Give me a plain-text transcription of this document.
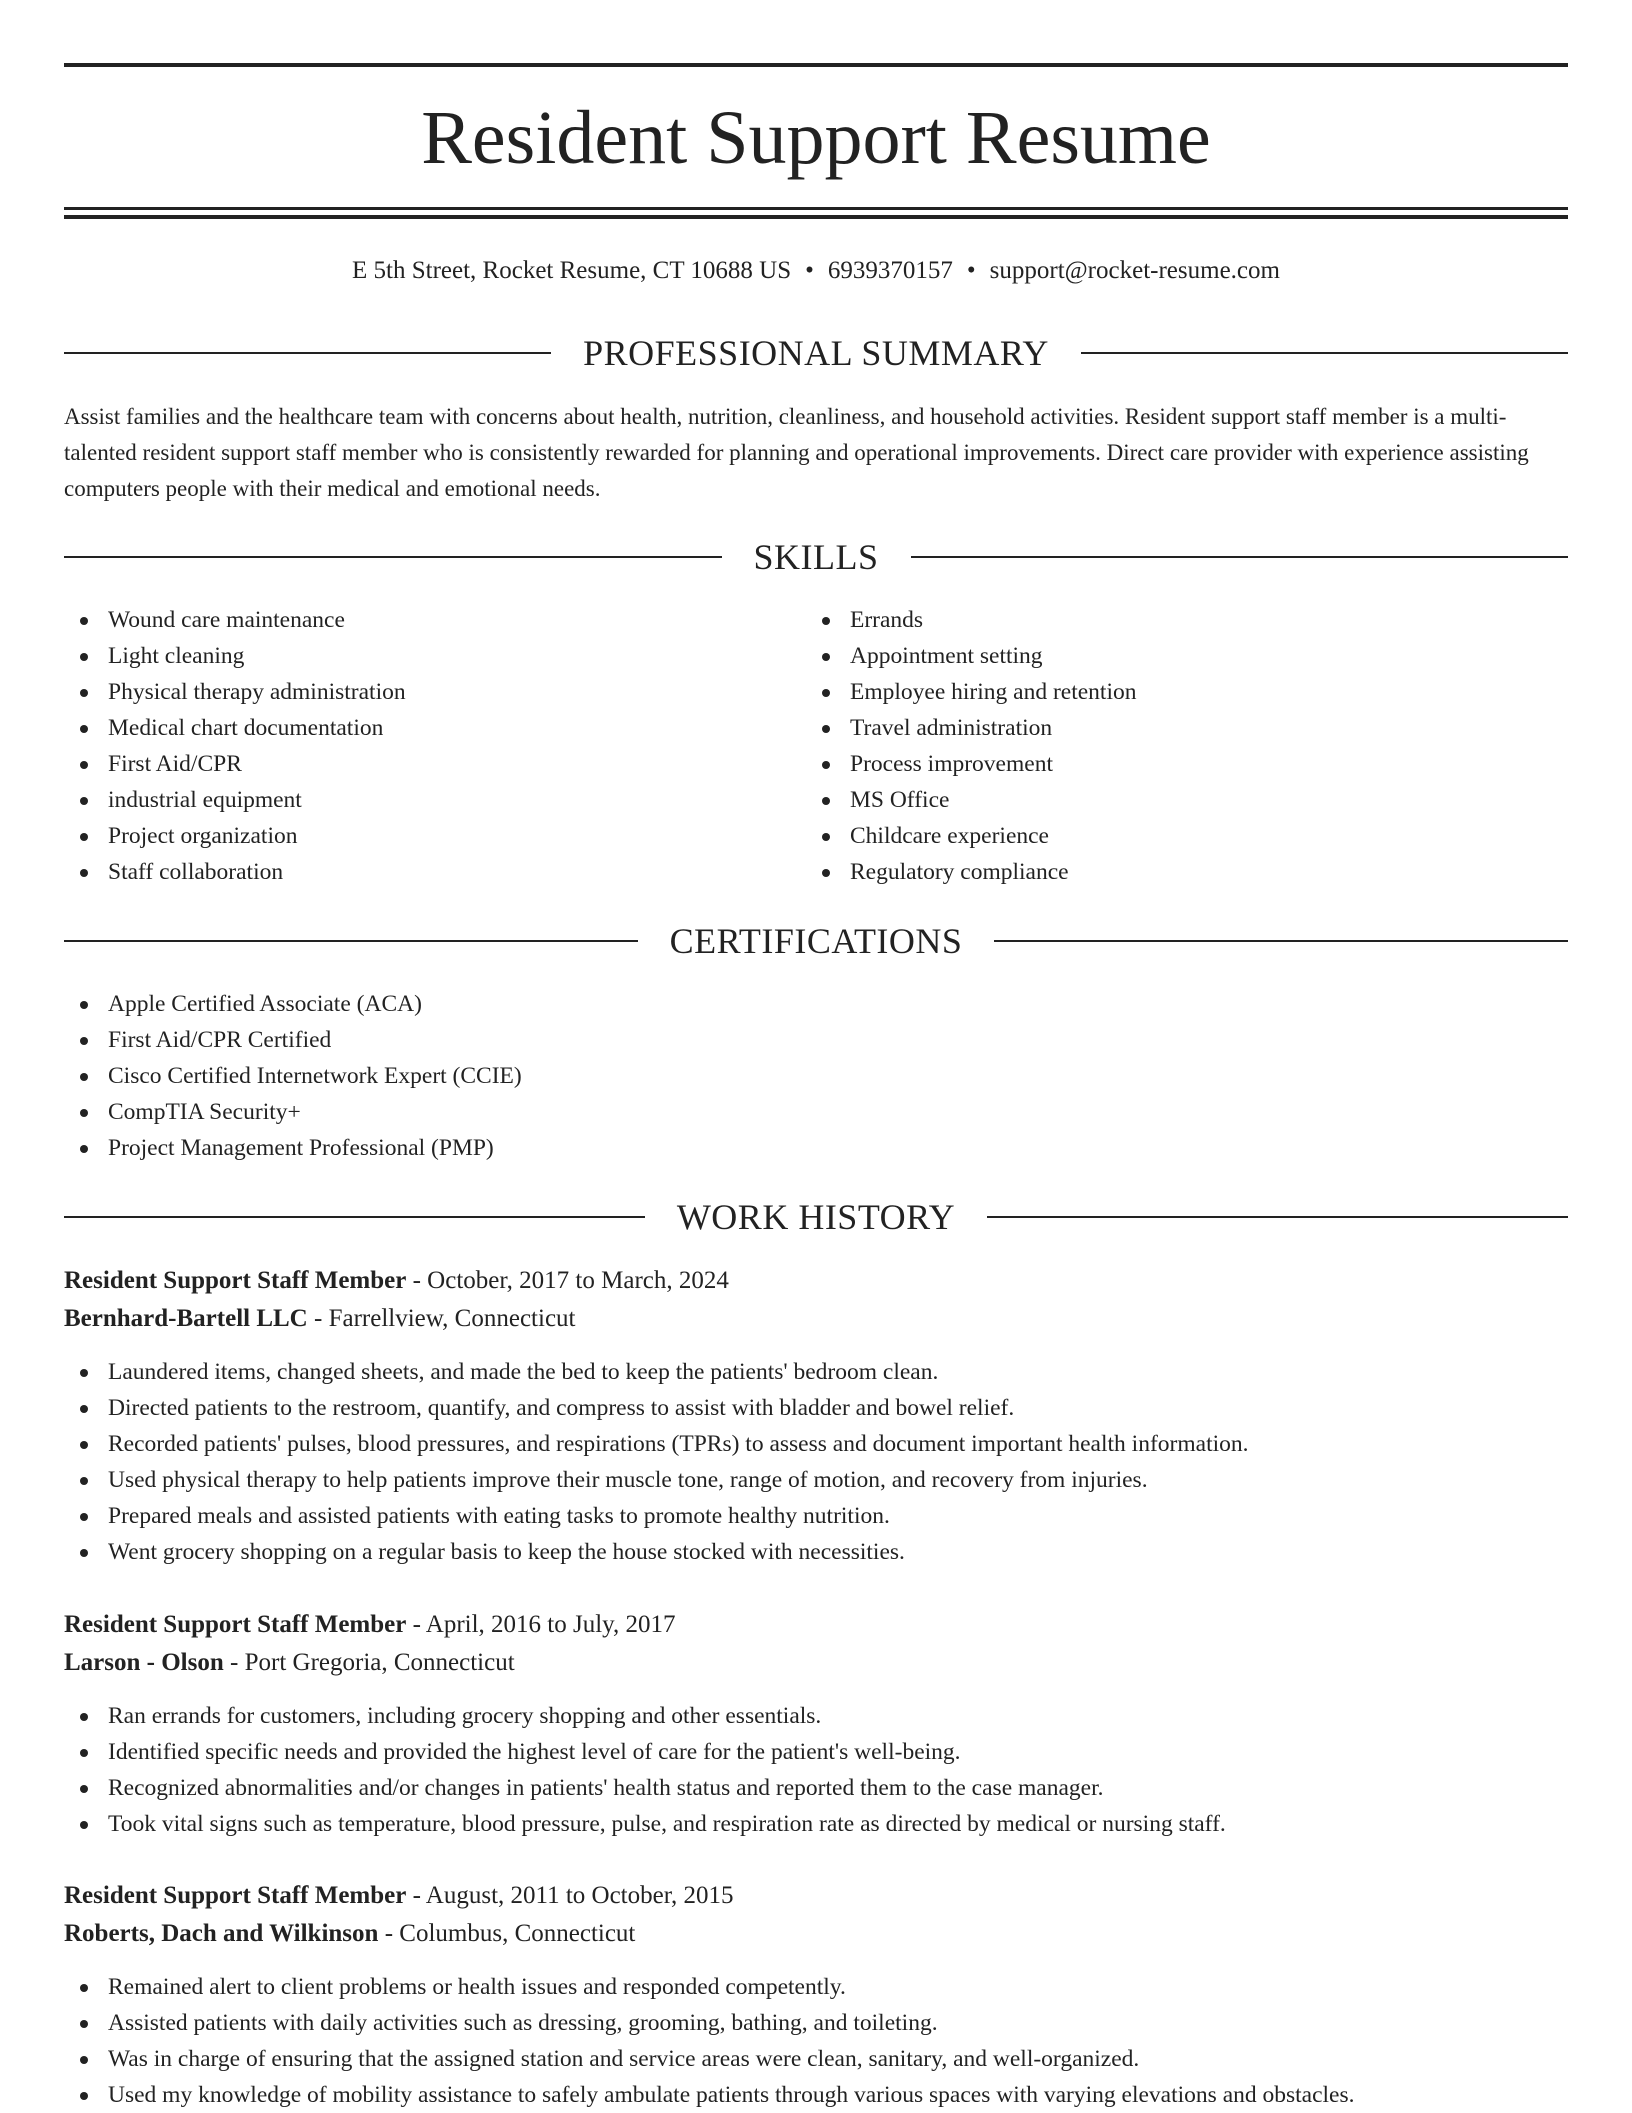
Resident Support Resume
E 5th Street, Rocket Resume, CT 10688 US • 6939370157 • support@rocket-resume.com
PROFESSIONAL SUMMARY

Assist families and the healthcare team with concerns about health, nutrition, cleanliness, and household activities. Resident support staff member is a multi-talented resident support staff member who is consistently rewarded for planning and operational improvements. Direct care provider with experience assisting computers people with their medical and emotional needs.

SKILLS
Wound care maintenance
Light cleaning
Physical therapy administration
Medical chart documentation
First Aid/CPR
industrial equipment
Project organization
Staff collaboration
Errands
Appointment setting
Employee hiring and retention
Travel administration
Process improvement
MS Office
Childcare experience
Regulatory compliance
CERTIFICATIONS
Apple Certified Associate (ACA)
First Aid/CPR Certified
Cisco Certified Internetwork Expert (CCIE)
CompTIA Security+
Project Management Professional (PMP)
WORK HISTORY
Resident Support Staff Member - October, 2017 to March, 2024
Bernhard-Bartell LLC - Farrellview, Connecticut
Laundered items, changed sheets, and made the bed to keep the patients' bedroom clean.
Directed patients to the restroom, quantify, and compress to assist with bladder and bowel relief.
Recorded patients' pulses, blood pressures, and respirations (TPRs) to assess and document important health information.
Used physical therapy to help patients improve their muscle tone, range of motion, and recovery from injuries.
Prepared meals and assisted patients with eating tasks to promote healthy nutrition.
Went grocery shopping on a regular basis to keep the house stocked with necessities.
Resident Support Staff Member - April, 2016 to July, 2017
Larson - Olson - Port Gregoria, Connecticut
Ran errands for customers, including grocery shopping and other essentials.
Identified specific needs and provided the highest level of care for the patient's well-being.
Recognized abnormalities and/or changes in patients' health status and reported them to the case manager.
Took vital signs such as temperature, blood pressure, pulse, and respiration rate as directed by medical or nursing staff.
Resident Support Staff Member - August, 2011 to October, 2015
Roberts, Dach and Wilkinson - Columbus, Connecticut
Remained alert to client problems or health issues and responded competently.
Assisted patients with daily activities such as dressing, grooming, bathing, and toileting.
Was in charge of ensuring that the assigned station and service areas were clean, sanitary, and well-organized.
Used my knowledge of mobility assistance to safely ambulate patients through various spaces with varying elevations and obstacles.
